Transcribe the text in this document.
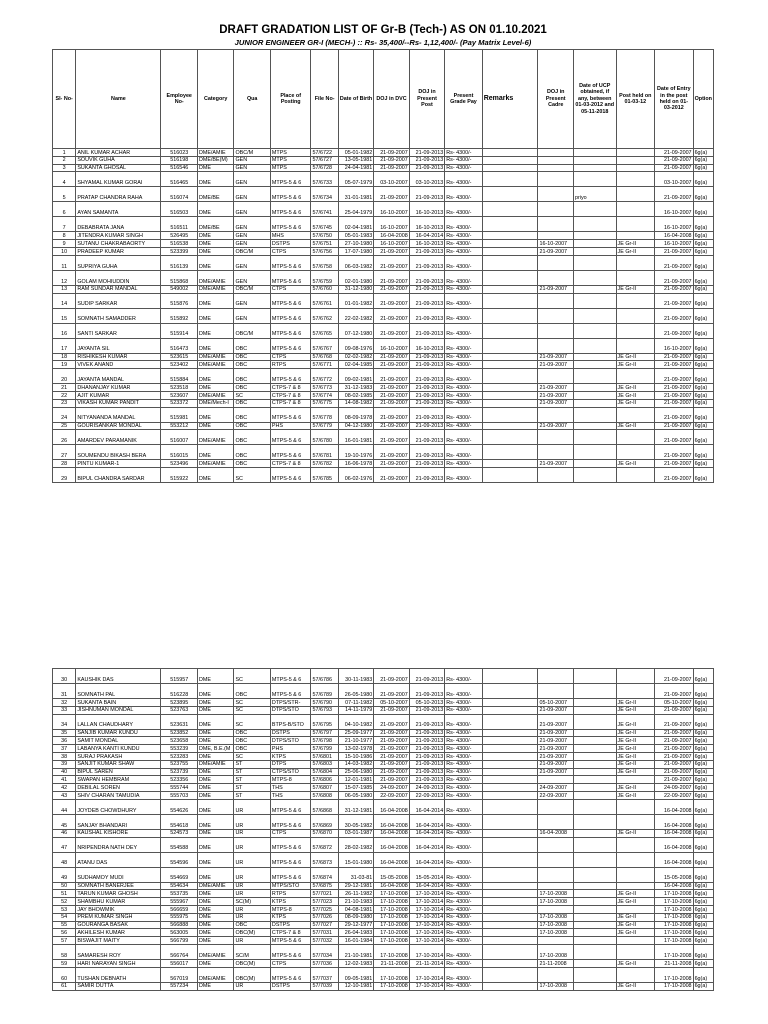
DRAFT GRADATION LIST OF Gr-B (Tech-) AS ON 01.10.2021

JUNIOR ENGINEER GR-I (MECH-) :: Rs- 35,400/--Rs- 1,12,400/- (Pay Matrix Level-6)

Sl- No-	Name	Employee No-	Category	Qua	Place of Posting	File No-	Date of Birth	DOJ in DVC	DOJ in Present Post	Present Grade Pay	Remarks	DOJ in Present Cadre	Date of UCP obtained, if any, between 01-03-2012 and 05-11-2018	Post held on 01-03-12	Date of Entry in the post held on 01-03-2012	Option
1	ANIL KUMAR ACHAR	516023	DME/AMIE	OBC/M	MTPS	57/6722	05-01-1982	21-09-2007	21-09-2013	Rs- 4300/-					21-09-2007	6g(a)
2	SOUVIK GUHA	516198	DME/BE(M)	GEN	MTPS	57/6727	13-05-1981	21-09-2007	21-09-2013	Rs- 4300/-					21-09-2007	6g(a)
3	SUKANTA GHOSAL	516546	DME	GEN	MTPS	57/6728	24-04-1981	21-09-2007	21-09-2013	Rs- 4300/-					21-09-2007	6g(a)
4	SHYAMAL KUMAR GORAI	516465	DME	GEN	MTPS-5 & 6	57/6733	05-07-1979	03-10-2007	03-10-2013	Rs- 4300/-					03-10-2007	6g(a)
5	PRATAP CHANDRA RAHA	516074	DME/BE	GEN	MTPS-5 & 6	57/6734	31-01-1981	21-09-2007	21-09-2013	Rs- 4300/-			priyo		21-09-2007	6g(a)
6	AYAN SAMANTA	516503	DME	GEN	MTPS-5 & 6	57/6741	25-04-1979	16-10-2007	16-10-2013	Rs- 4300/-					16-10-2007	6g(a)
7	DEBABRATA JANA	516511	DME/BE	GEN	MTPS-5 & 6	57/6745	02-04-1981	16-10-2007	16-10-2013	Rs- 4300/-					16-10-2007	6g(a)
8	JITENDRA KUMAR SINGH	526495	DME	GEN	MHS	57/6750	05-01-1983	16-04-2008	16-04-2014	Rs- 4300/-					16-04-2008	6g(a)
9	SUTANU CHAKRABAORTY	516538	DME	GEN	DSTPS	57/6751	27-10-1980	16-10-2007	16-10-2013	Rs- 4300/-		16-10-2007		JE Gr-II	16-10-2007	6g(a)
10	PRADEEP KUMAR	523399	DME	OBC/M	CTPS	57/6756	17-07-1980	21-09-2007	21-09-2013	Rs- 4300/-		21-09-2007		JE Gr-II	21-09-2007	6g(a)
11	SUPRIYA GUHA	516139	DME	GEN	MTPS-5 & 6	57/6758	06-03-1982	21-09-2007	21-09-2013	Rs- 4300/-					21-09-2007	6g(a)
12	GOLAM MOHIUDDIN	515868	DME/AMIE	GEN	MTPS-5 & 6	57/6759	02-01-1980	21-09-2007	21-09-2013	Rs- 4300/-					21-09-2007	6g(a)
13	RAM SUNDAR MANDAL	549002	DME/AMIE	OBC/M	CTPS	57/6760	31-12-1980	21-09-2007	21-09-2013	Rs- 4300/-		21-09-2007		JE Gr-II	21-09-2007	6g(a)
14	SUDIP SARKAR	515876	DME	GEN	MTPS-5 & 6	57/6761	01-01-1982	21-09-2007	21-09-2013	Rs- 4300/-					21-09-2007	6g(a)
15	SOMNATH SAMADDER	515892	DME	GEN	MTPS-5 & 6	57/6762	22-02-1982	21-09-2007	21-09-2013	Rs- 4300/-					21-09-2007	6g(a)
16	SANTI SARKAR	515914	DME	OBC/M	MTPS-5 & 6	57/6765	07-12-1980	21-09-2007	21-09-2013	Rs- 4300/-					21-09-2007	6g(a)
17	JAYANTA SIL	516473	DME	OBC	MTPS-5 & 6	57/6767	09-08-1976	16-10-2007	16-10-2013	Rs- 4300/-					16-10-2007	6g(a)
18	RISHIKESH KUMAR	523615	DME/AMIE	OBC	CTPS	57/6768	02-02-1982	21-09-2007	21-09-2013	Rs- 4300/-		21-09-2007		JE Gr-II	21-09-2007	6g(a)
19	VIVEK ANAND	523402	DME/AMIE	OBC	RTPS	57/6771	02-04-1985	21-09-2007	21-09-2013	Rs- 4300/-		21-09-2007		JE Gr-II	21-09-2007	6g(a)
20	JAYANTA MANDAL	515884	DME	OBC	MTPS-5 & 6	57/6772	09-02-1981	21-09-2007	21-09-2013	Rs- 4300/-					21-09-2007	6g(a)
21	DHANANJAY KUMAR	523518	DME	OBC	CTPS-7 & 8	57/6773	31-12-1983	21-09-2007	21-09-2013	Rs- 4300/-		21-09-2007		JE Gr-II	21-09-2007	6g(a)
22	AJIT KUMAR	523607	DME/AMIE	SC	CTPS-7 & 8	57/6774	08-02-1985	21-09-2007	21-09-2013	Rs- 4300/-		21-09-2007		JE Gr-II	21-09-2007	6g(a)
23	VIKASH KUMAR PANDIT	523372	DME/Mech-I	OBC	CTPS-7 & 8	57/6775	14-08-1982	21-09-2007	21-09-2013	Rs- 4300/-		21-09-2007		JE Gr-II	21-09-2007	6g(a)
24	NITYANANDA MANDAL	515981	DME	OBC	MTPS-5 & 6	57/6778	08-09-1978	21-09-2007	21-09-2013	Rs- 4300/-					21-09-2007	6g(a)
25	GOURISANKAR MONDAL	553212	DME	OBC	PHS	57/6779	04-12-1980	21-09-2007	21-09-2013	Rs- 4300/-		21-09-2007		JE Gr-II	21-09-2007	6g(a)
26	AMARDEV PARAMANIK	516007	DME/AMIE	OBC	MTPS-5 & 6	57/6780	16-01-1981	21-09-2007	21-09-2013	Rs- 4300/-					21-09-2007	6g(a)
27	SOUMENDU BIKASH BERA	516015	DME	OBC	MTPS-5 & 6	57/6781	19-10-1976	21-09-2007	21-09-2013	Rs- 4300/-					21-09-2007	6g(a)
28	PINTU KUMAR-1	523496	DME/AMIE	OBC	CTPS-7 & 8	57/6782	16-06-1978	21-09-2007	21-09-2013	Rs- 4300/-		21-09-2007		JE Gr-II	21-09-2007	6g(a)
29	BIPUL CHANDRA SARDAR	515922	DME	SC	MTPS-5 & 6	57/6785	06-02-1976	21-09-2007	21-09-2013	Rs- 4300/-					21-09-2007	6g(a)
30	KAUSHIK DAS	515957	DME	SC	MTPS-5 & 6	57/6786	30-11-1983	21-09-2007	21-09-2013	Rs- 4300/-					21-09-2007	6g(a)
31	SOMNATH PAL	516228	DME	OBC	MTPS-5 & 6	57/6789	26-05-1980	21-09-2007	21-09-2013	Rs- 4300/-					21-09-2007	6g(a)
32	SUKANTA BAIN	523895	DME	SC	DTPS/STR-	57/6790	07-11-1982	05-10-2007	05-10-2013	Rs- 4300/-		05-10-2007		JE Gr-II	05-10-2007	6g(a)
33	JISHNUMAN MONDAL	523763	DME	SC	DTPS/STO	57/6793	14-11-1979	21-09-2007	21-09-2013	Rs- 4300/-		21-09-2007		JE Gr-II	21-09-2007	6g(a)
34	LALLAN CHAUDHARY	523631	DME	SC	BTPS-B/STO	57/6795	04-10-1982	21-09-2007	21-09-2013	Rs- 4300/-		21-09-2007		JE Gr-II	21-09-2007	6g(a)
35	SANJIB KUMAR KUNDU	523852	DME	OBC	DSTPS	57/6797	25-09-1977	21-09-2007	21-09-2013	Rs- 4300/-		21-09-2007		JE Gr-II	21-09-2007	6g(a)
36	SAMIT MONDAL	523658	DME	OBC	DTPS/STO	57/6798	21-10-1977	21-09-2007	21-09-2013	Rs- 4300/-		21-09-2007		JE Gr-II	21-09-2007	6g(a)
37	LABANYA KANTI KUNDU	553239	DME, B.E.(M	OBC	PHS	57/6799	13-02-1978	21-09-2007	21-09-2013	Rs- 4300/-		21-09-2007		JE Gr-II	21-09-2007	6g(a)
38	SURAJ PRAKASH	523283	DME	SC	KTPS	57/6801	15-10-1986	21-09-2007	21-09-2013	Rs- 4300/-		21-09-2007		JE Gr-II	21-09-2007	6g(a)
39	SANJIT KUMAR SHAW	523755	DME/AMIE	ST	DTPS	57/6803	14-03-1982	21-09-2007	21-09-2013	Rs- 4300/-		21-09-2007		JE Gr-II	21-09-2007	6g(a)
40	BIPUL SAREN	523739	DME	ST	CTPS/STO	57/6804	25-06-1980	21-09-2007	21-09-2013	Rs- 4300/-		21-09-2007		JE Gr-II	21-09-2007	6g(a)
41	SWAPAN HEMBRAM	523356	DME	ST	MTPS-8	57/6806	12-01-1981	21-09-2007	21-09-2013	Rs- 4300/-					21-09-2007	6g(a)
42	DEBILAL SOREN	555744	DME	ST	THS	57/6807	15-07-1985	24-09-2007	24-09-2013	Rs- 4300/-		24-09-2007		JE Gr-II	24-09-2007	6g(a)
43	SHIV CHARAN TAMUDIA	555703	DME	ST	THS	57/6808	06-05-1980	22-09-2007	22-09-2013	Rs- 4300/-		22-09-2007		JE Gr-II	22-09-2007	6g(a)
44	JOYDEB CHOWDHURY	554626	DME	UR	MTPS-5 & 6	57/6868	31-12-1981	16-04-2008	16-04-2014	Rs- 4300/-					16-04-2008	6g(a)
45	SANJAY BHANDARI	554618	DME	UR	MTPS-5 & 6	57/6869	30-05-1982	16-04-2008	16-04-2014	Rs- 4300/-					16-04-2008	6g(a)
46	KAUSHAL KISHORE	524573	DME	UR	CTPS	57/6870	03-01-1987	16-04-2008	16-04-2014	Rs- 4300/-		16-04-2008		JE Gr-II	16-04-2008	6g(a)
47	NRIPENDRA NATH DEY	554588	DME	UR	MTPS-5 & 6	57/6872	28-02-1982	16-04-2008	16-04-2014	Rs- 4300/-					16-04-2008	6g(a)
48	ATANU DAS	554596	DME	UR	MTPS-5 & 6	57/6873	15-01-1980	16-04-2008	16-04-2014	Rs- 4300/-					16-04-2008	6g(a)
49	SUDHAMOY MUDI	554669	DME	UR	MTPS-5 & 6	57/6874	31-03-81	15-05-2008	15-05-2014	Rs- 4300/-					15-05-2008	6g(a)
50	SOMNATH BANERJEE	554634	DME/AMIE	UR	MTPS/STO	57/6875	29-12-1981	16-04-2008	16-04-2014	Rs- 4300/-					16-04-2008	6g(a)
51	TARUN KUMAR GHOSH	553735	DME	UR	RTPS	57/7021	26-11-1982	17-10-2008	17-10-2014	Rs- 4300/-		17-10-2008		JE Gr-II	17-10-2008	6g(a)
52	SHAMBHU KUMAR	555967	DME	SC(M)	KTPS	57/7023	21-10-1983	17-10-2008	17-10-2014	Rs- 4300/-		17-10-2008		JE Gr-II	17-10-2008	6g(a)
53	JAY BHOWMIK	566659	DME	UR	MTPS-8	57/7025	04-08-1981	17-10-2008	17-10-2014	Rs- 4300/-					17-10-2008	6g(a)
54	PREM KUMAR SINGH	555975	DME	UR	KTPS	57/7026	08-09-1980	17-10-2008	17-10-2014	Rs- 4300/-		17-10-2008		JE Gr-II	17-10-2008	6g(a)
55	GOURANGA BASAK	566888	DME	OBC	DSTPS	57/7027	29-12-1977	17-10-2008	17-10-2014	Rs- 4300/-		17-10-2008		JE Gr-II	17-10-2008	6g(a)
56	AKHILESH KUMAR	563005	DME	OBC(M)	CTPS-7 & 8	57/7031	26-04-1983	17-10-2008	17-10-2014	Rs- 4300/-		17-10-2008		JE Gr-II	17-10-2008	6g(a)
57	BISWAJIT MAITY	566799	DME	UR	MTPS-5 & 6	57/7032	16-01-1984	17-10-2008	17-10-2014	Rs- 4300/-					17-10-2008	6g(a)
58	SAMARESH ROY	566764	DME/AMIE	SC/M	MTPS-5 & 6	57/7034	21-10-1981	17-10-2008	17-10-2014	Rs- 4300/-		17-10-2008			17-10-2008	6g(a)
59	HARI NARAYAN SINGH	556017	DME	OBC(M)	CTPS	57/7036	12-02-1983	21-11-2008	21-11-2014	Rs- 4300/-		21-11-2008		JE Gr-II	21-11-2008	6g(a)
60	TUSHAN DEBNATH	567019	DME/AMIE	OBC(M)	MTPS-5 & 6	57/7037	09-05-1981	17-10-2008	17-10-2014	Rs- 4300/-					17-10-2008	6g(a)
61	SAMIR DUTTA	557234	DME	UR	DSTPS	57/7039	12-10-1981	17-10-2008	17-10-2014	Rs- 4300/-		17-10-2008		JE Gr-II	17-10-2008	6g(a)
